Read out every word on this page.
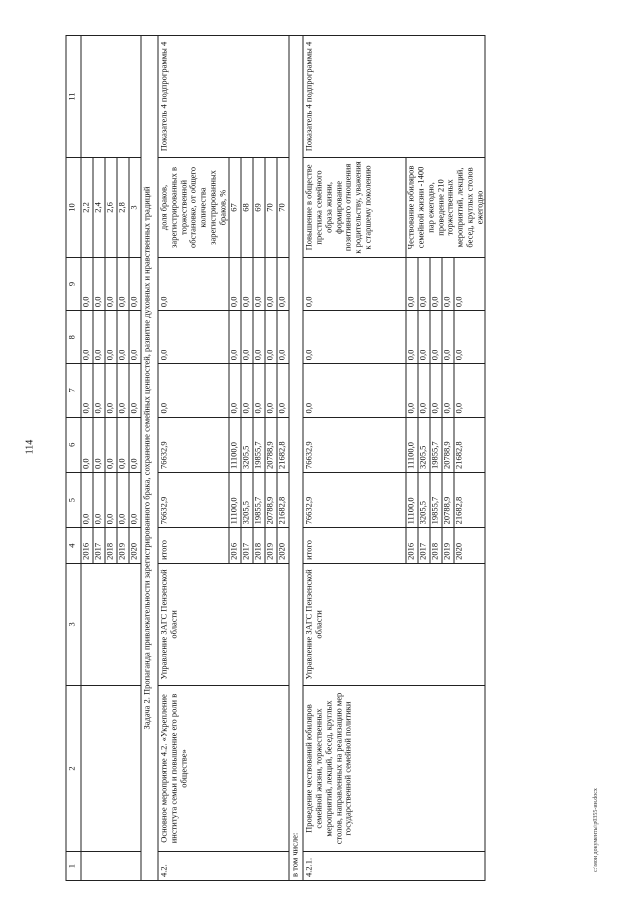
114
c:\мои документы\p0355-ин.docx
1	2	3	4	5	6	7	8	9	10	11
			2016	0,0	0,0	0,0	0,0	0,0	2,2	
			2017	0,0	0,0	0,0	0,0	0,0	2,4	
			2018	0,0	0,0	0,0	0,0	0,0	2,6	
			2019	0,0	0,0	0,0	0,0	0,0	2,8	
			2020	0,0	0,0	0,0	0,0	0,0	3	
Задача 2. Пропаганда привлекательности зарегистрированного брака, сохранение семейных ценностей, развитие духовных и нравственных традиций										
4.2.	Основное мероприятие 4.2. «Укрепление института семьи и повышение его роли в обществе»	Управление ЗАГС Пензенской области	итого	76632,9	76632,9	0,0	0,0	0,0	доля браков, зарегистрированных в торжественной обстановке, от общего количества зарегистрированных браков, %	Показатель 4 подпрограммы 4
			2016	11100,0	11100,0	0,0	0,0	0,0	67	
			2017	3205,5	3205,5	0,0	0,0	0,0	68	
			2018	19855,7	19855,7	0,0	0,0	0,0	69	
			2019	20788,9	20788,9	0,0	0,0	0,0	70	
			2020	21682,8	21682,8	0,0	0,0	0,0	70	
в том числе:										
4.2.1.	Проведение чествований юбиляров семейной жизни, торжественных мероприятий, лекций, бесед, круглых столов, направленных на реализацию мер государственной семейной политики	Управление ЗАГС Пензенской области	итого	76632,9	76632,9	0,0	0,0	0,0	Повышение в обществе престижа семейного образа жизни, формирование позитивного отношения к родительству, уважения к старшему поколению	Показатель 4 подпрограммы 4
			2016	11100,0	11100,0	0,0	0,0	0,0	Чествование юбиляров семейной жизни -1400 пар ежегодно, проведение 210 торжественных мероприятий, лекций, бесед, круглых столов ежегодно	
			2017	3205,5	3205,5	0,0	0,0	0,0		
			2018	19855,7	19855,7	0,0	0,0	0,0		
			2019	20788,9	20788,9	0,0	0,0	0,0		
			2020	21682,8	21682,8	0,0	0,0	0,0		
